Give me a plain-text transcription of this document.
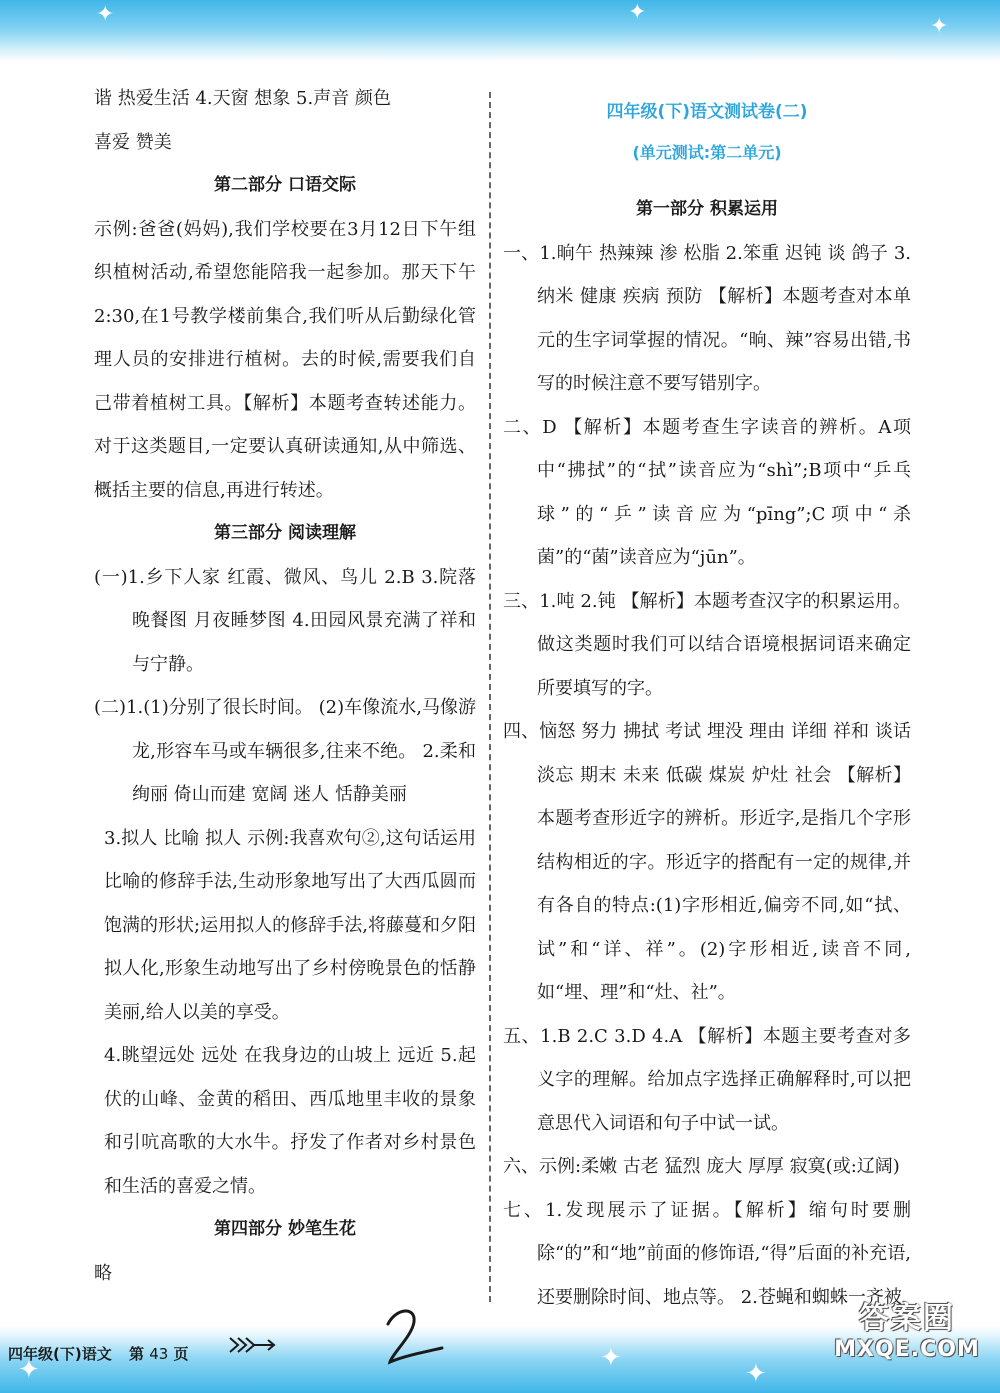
✦	✦
✦
谐 热爱生活 4.天窗 想象 5.声音 颜色
喜爱 赞美
第二部分 口语交际
示例:爸爸(妈妈),我们学校要在3月12日下午组织植树活动,希望您能陪我一起参加。那天下午2:30,在1号教学楼前集合,我们听从后勤绿化管理人员的安排进行植树。去的时候,需要我们自己带着植树工具。【解析】本题考查转述能力。对于这类题目,一定要认真研读通知,从中筛选、概括主要的信息,再进行转述。
第三部分 阅读理解
(一)1.乡下人家 红霞、微风、鸟儿 2.B 3.院落晚餐图 月夜睡梦图 4.田园风景充满了祥和与宁静。
(二)1.(1)分别了很长时间。 (2)车像流水,马像游龙,形容车马或车辆很多,往来不绝。 2.柔和 绚丽 倚山而建 宽阔 迷人 恬静美丽
3.拟人 比喻 拟人 示例:我喜欢句②,这句话运用比喻的修辞手法,生动形象地写出了大西瓜圆而饱满的形状;运用拟人的修辞手法,将藤蔓和夕阳拟人化,形象生动地写出了乡村傍晚景色的恬静美丽,给人以美的享受。
4.眺望远处 远处 在我身边的山坡上 远近 5.起伏的山峰、金黄的稻田、西瓜地里丰收的景象和引吭高歌的大水牛。抒发了作者对乡村景色和生活的喜爱之情。
第四部分 妙笔生花
略
四年级(下)语文测试卷(二)
(单元测试:第二单元)
第一部分 积累运用
一、1.晌午 热辣辣 渗 松脂 2.笨重 迟钝 谈 鸽子 3.纳米 健康 疾病 预防 【解析】本题考查对本单元的生字词掌握的情况。“晌、辣”容易出错,书写的时候注意不要写错别字。
二、D 【解析】本题考查生字读音的辨析。A项中“拂拭”的“拭”读音应为“shì”;B项中“乒乓球”的“乒”读音应为“pīng”;C项中“杀菌”的“菌”读音应为“jūn”。
三、1.吨 2.钝 【解析】本题考查汉字的积累运用。做这类题时我们可以结合语境根据词语来确定所要填写的字。
四、恼怒 努力 拂拭 考试 埋没 理由 详细 祥和 谈话 淡忘 期末 未来 低碳 煤炭 炉灶 社会 【解析】本题考查形近字的辨析。形近字,是指几个字形结构相近的字。形近字的搭配有一定的规律,并有各自的特点:(1)字形相近,偏旁不同,如“拭、试”和“详、祥”。(2)字形相近,读音不同,如“埋、理”和“灶、社”。
五、1.B 2.C 3.D 4.A 【解析】本题主要考查对多义字的理解。给加点字选择正确解释时,可以把意思代入词语和句子中试一试。
六、示例:柔嫩 古老 猛烈 庞大 厚厚 寂寞(或:辽阔)
七、1.发现展示了证据。【解析】缩句时要删除“的”和“地”前面的修饰语,“得”后面的补充语,还要删除时间、地点等。 2.苍蝇和蜘蛛一齐被
✦	✦
✦
四年级(下)语文 第 43 页
答案圈
MXQE.COM
